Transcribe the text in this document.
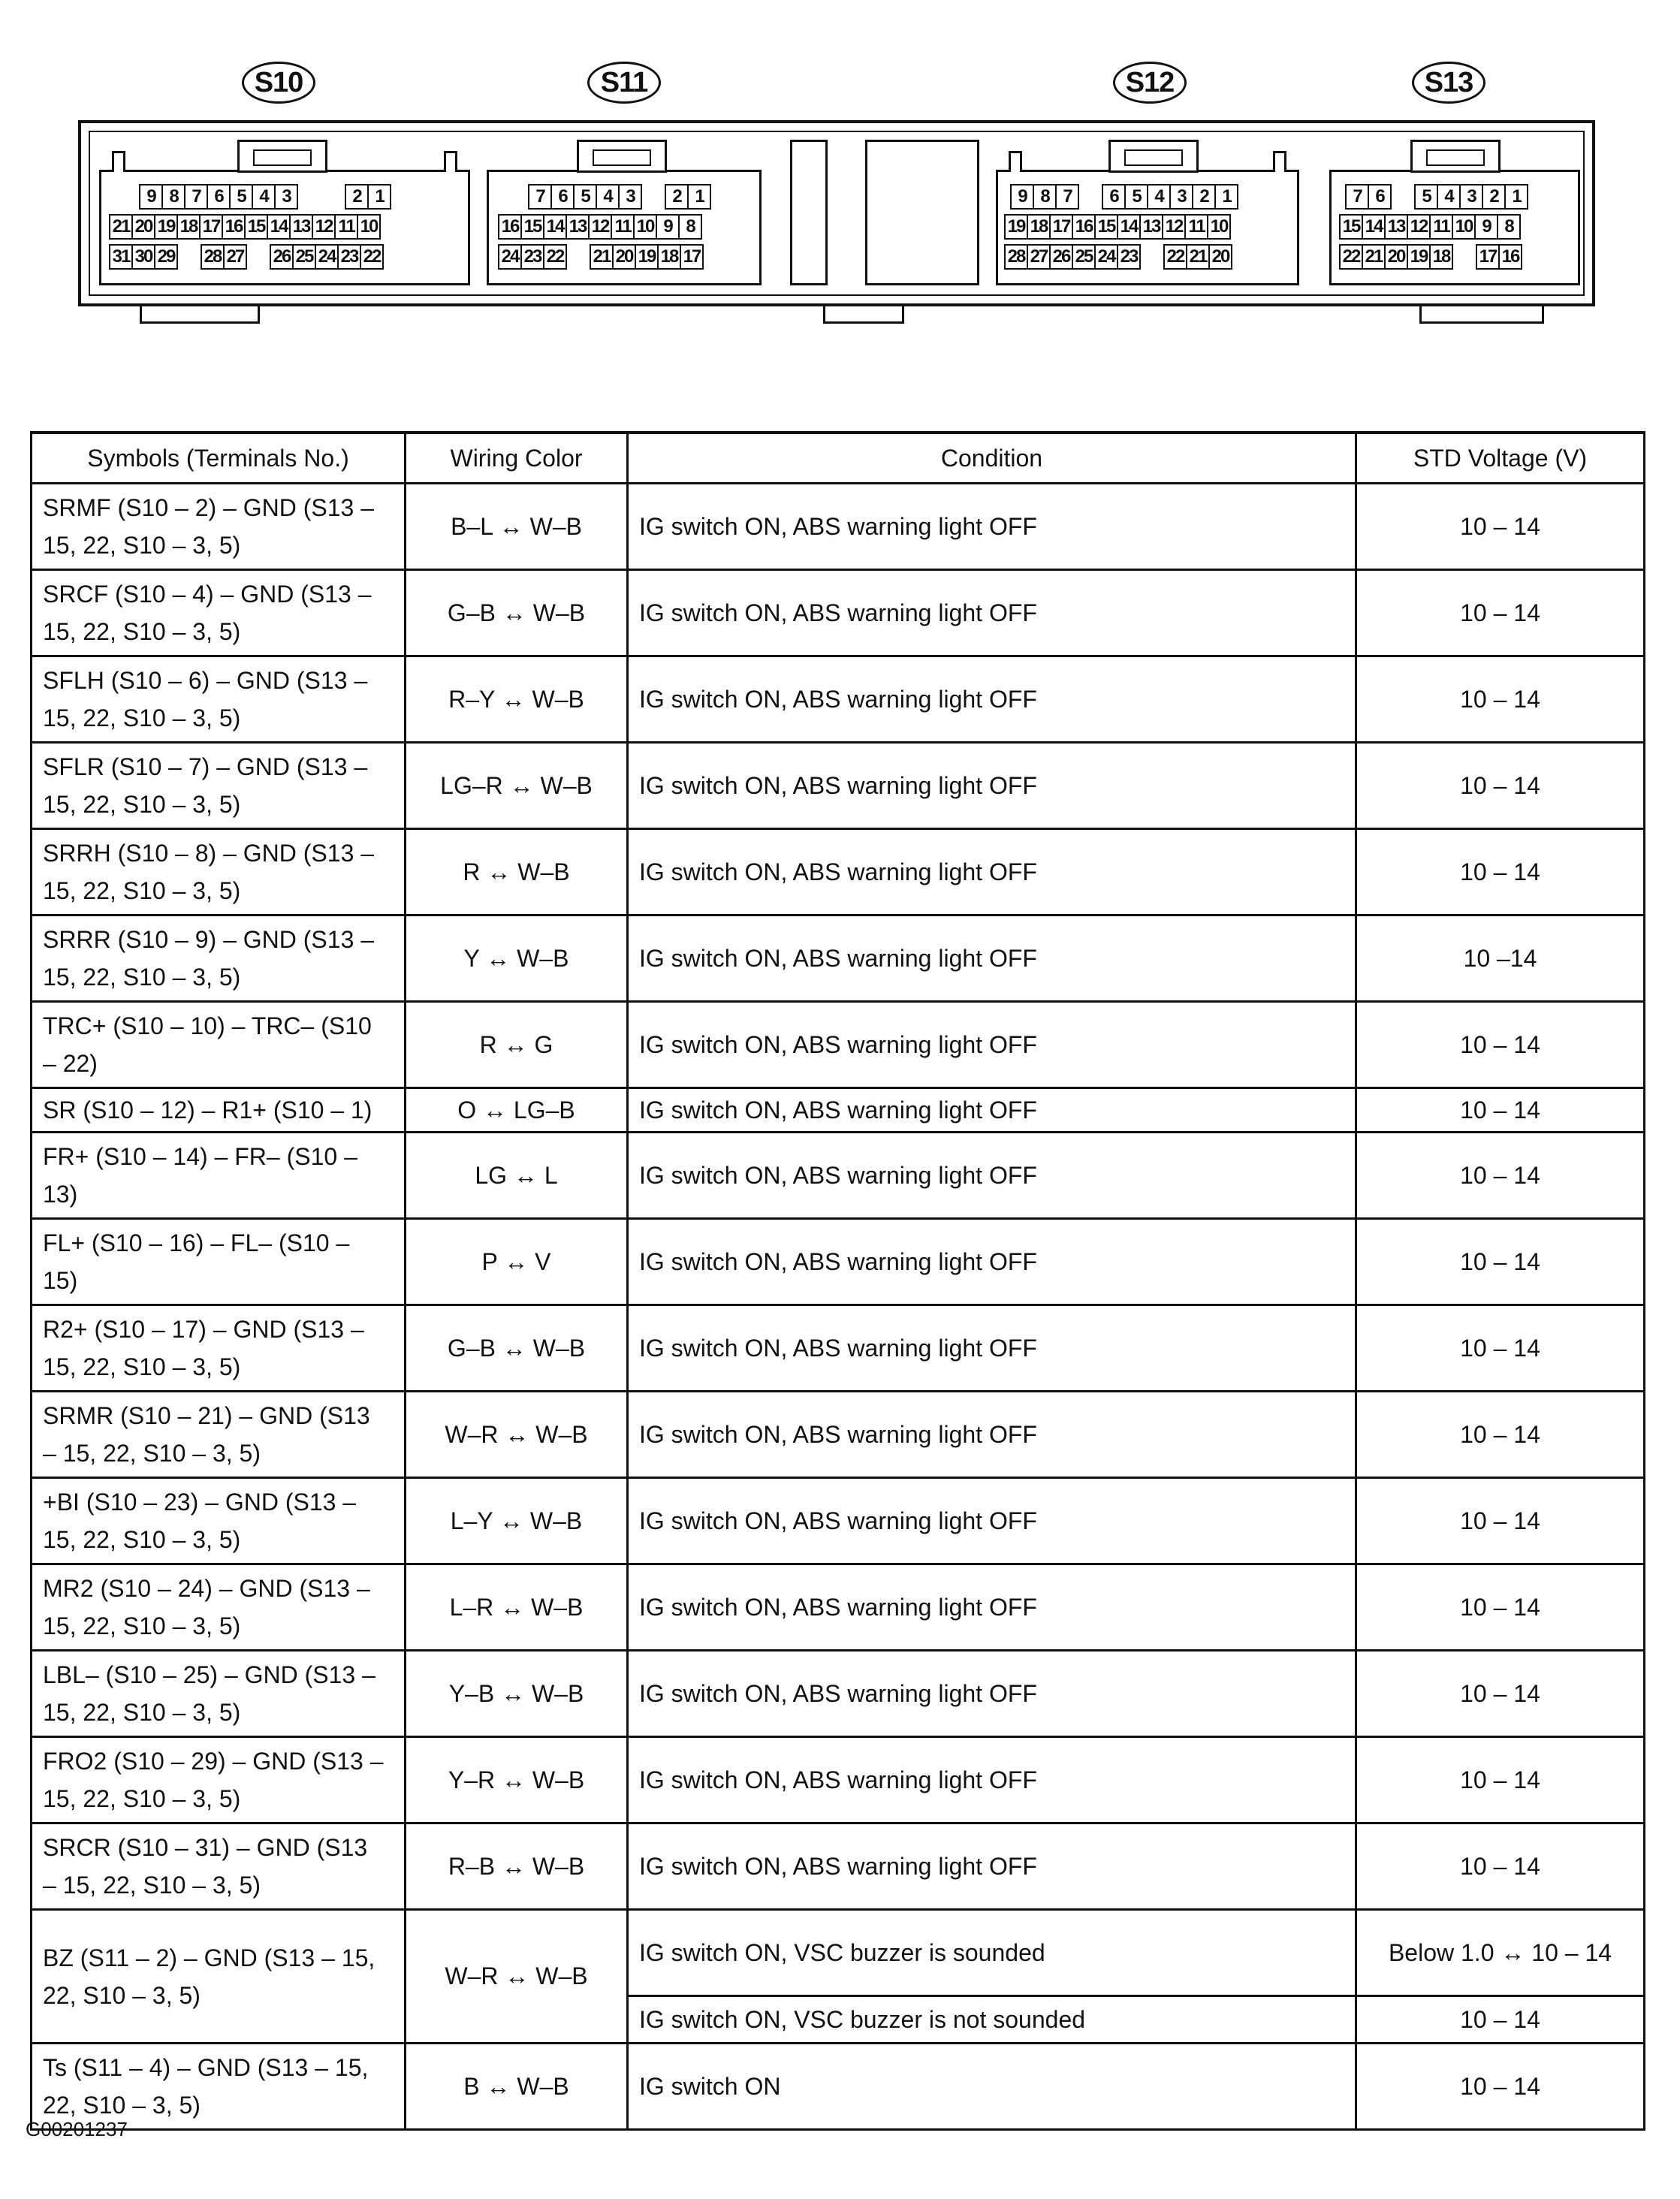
S10	S11	S12	S13
9 8 7 6 5 4 3	2 1
21 20 19 18 17 16 15 14 13 12 11 10
31 30 29 28 27 26 25 24 23 22
7 6 5 4 3	2 1
16 15 14 13 12 11 10 9 8
24 23 22 21 20 19 18 17
9 8 7	6 5 4 3 2 1
19 18 17 16 15 14 13 12 11 10
28 27 26 25 24 23 22 21 20
7 6	5 4 3 2 1
15 14 13 12 11 10 9 8
22 21 20 19 18 17 16
Symbols (Terminals No.)	Wiring Color	Condition	STD Voltage (V)

SRMF (S10 – 2) – GND (S13 –
15, 22, S10 – 3, 5)	B–L ↔ W–B	IG switch ON, ABS warning light OFF	10 – 14

SRCF (S10 – 4) – GND (S13 –
15, 22, S10 – 3, 5)	G–B ↔ W–B	IG switch ON, ABS warning light OFF	10 – 14

SFLH (S10 – 6) – GND (S13 –
15, 22, S10 – 3, 5)	R–Y ↔ W–B	IG switch ON, ABS warning light OFF	10 – 14

SFLR (S10 – 7) – GND (S13 –
15, 22, S10 – 3, 5)	LG–R ↔ W–B	IG switch ON, ABS warning light OFF	10 – 14

SRRH (S10 – 8) – GND (S13 –
15, 22, S10 – 3, 5)	R ↔ W–B	IG switch ON, ABS warning light OFF	10 – 14

SRRR (S10 – 9) – GND (S13 –
15, 22, S10 – 3, 5)	Y ↔ W–B	IG switch ON, ABS warning light OFF	10 –14

TRC+ (S10 – 10) – TRC– (S10
– 22)	R ↔ G	IG switch ON, ABS warning light OFF	10 – 14

SR (S10 – 12) – R1+ (S10 – 1)	O ↔ LG–B	IG switch ON, ABS warning light OFF	10 – 14

FR+ (S10 – 14) – FR– (S10 –
13)	LG ↔ L	IG switch ON, ABS warning light OFF	10 – 14

FL+ (S10 – 16) – FL– (S10 –
15)	P ↔ V	IG switch ON, ABS warning light OFF	10 – 14

R2+ (S10 – 17) – GND (S13 –
15, 22, S10 – 3, 5)	G–B ↔ W–B	IG switch ON, ABS warning light OFF	10 – 14

SRMR (S10 – 21) – GND (S13
– 15, 22, S10 – 3, 5)	W–R ↔ W–B	IG switch ON, ABS warning light OFF	10 – 14

+BI (S10 – 23) – GND (S13 –
15, 22, S10 – 3, 5)	L–Y ↔ W–B	IG switch ON, ABS warning light OFF	10 – 14

MR2 (S10 – 24) – GND (S13 –
15, 22, S10 – 3, 5)	L–R ↔ W–B	IG switch ON, ABS warning light OFF	10 – 14

LBL– (S10 – 25) – GND (S13 –
15, 22, S10 – 3, 5)	Y–B ↔ W–B	IG switch ON, ABS warning light OFF	10 – 14

FRO2 (S10 – 29) – GND (S13 –
15, 22, S10 – 3, 5)	Y–R ↔ W–B	IG switch ON, ABS warning light OFF	10 – 14

SRCR (S10 – 31) – GND (S13
– 15, 22, S10 – 3, 5)	R–B ↔ W–B	IG switch ON, ABS warning light OFF	10 – 14

BZ (S11 – 2) – GND (S13 – 15,
22, S10 – 3, 5)	W–R ↔ W–B	IG switch ON, VSC buzzer is sounded	Below 1.0 ↔ 10 – 14
		IG switch ON, VSC buzzer is not sounded	10 – 14

Ts (S11 – 4) – GND (S13 – 15,
22, S10 – 3, 5)	B ↔ W–B	IG switch ON	10 – 14
G00201237
